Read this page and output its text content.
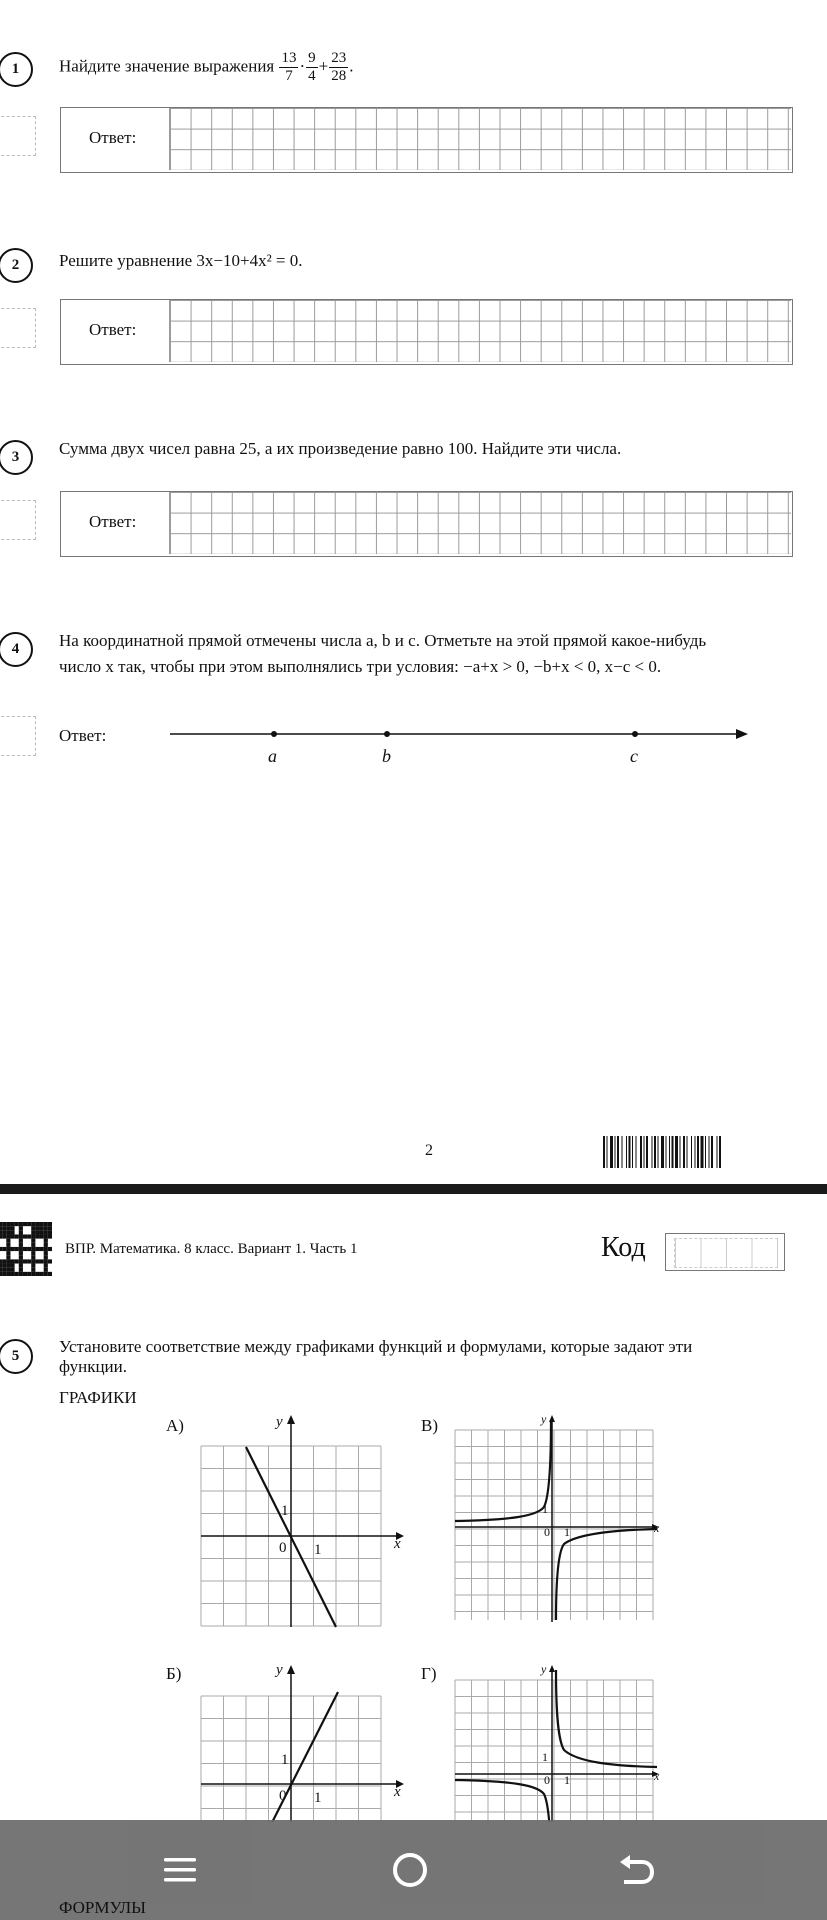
1	Найдите значение выражения $\frac{13}{7} \cdot \frac{9}{4} + \frac{23}{28}$ .
Ответ:
2	Решите уравнение 3x−10+4x² = 0.
Ответ:
3	Сумма двух чисел равна 25, а их произведение равно 100. Найдите эти числа.
Ответ:
4	На координатной прямой отмечены числа a, b и c. Отметьте на этой прямой какое-нибудь
число x так, чтобы при этом выполнялись три условия: −a+x > 0, −b+x < 0, x−c < 0.
Ответ:
a	b	c
2
ВПР. Математика. 8 класс. Вариант 1. Часть 1	Код
5	Установите соответствие между графиками функций и формулами, которые задают эти
функции.
ГРАФИКИ
А)	В)
Б)	Г)
y
x
0 1
1
y
x
0 1
1
y
x
0 1
1
y
x
0 1
1
ФОРМУЛЫ
